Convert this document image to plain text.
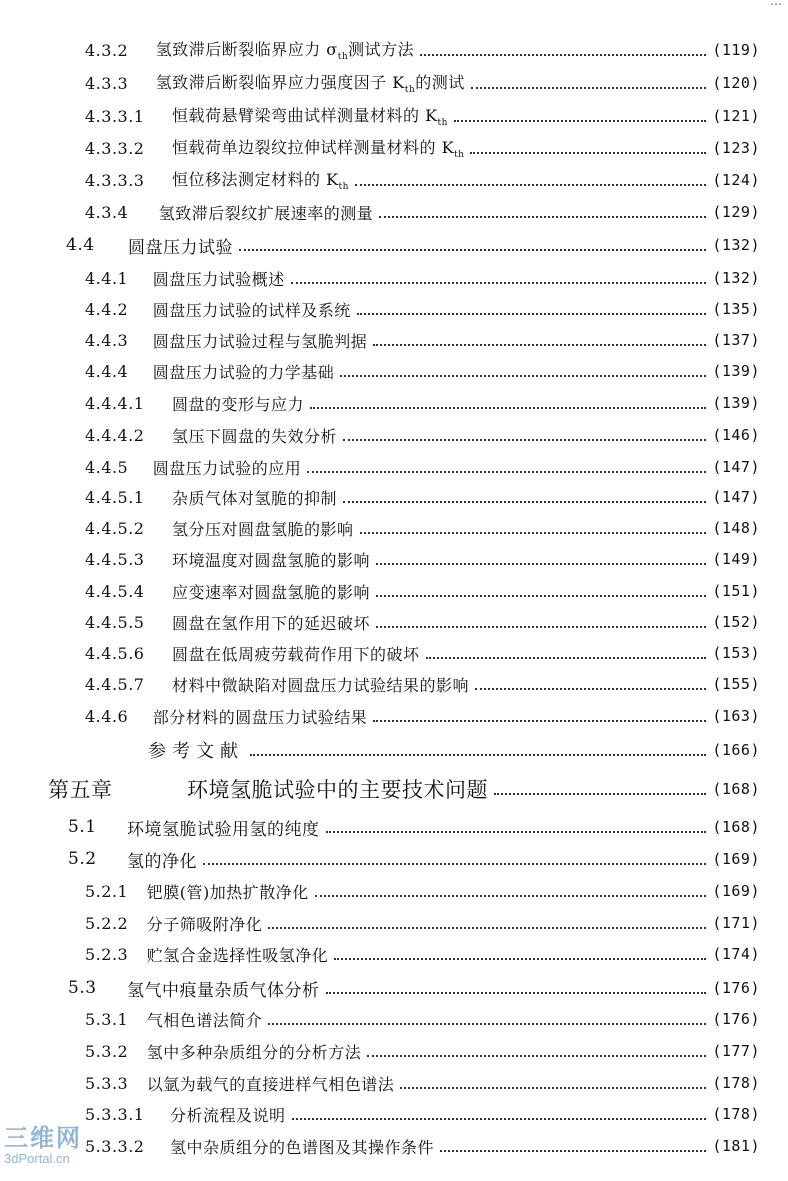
…
4.3.2 氢致滞后断裂临界应力 $\sigma_{th}$测试方法	(119)
4.3.3 氢致滞后断裂临界应力强度因子 $K_{th}$的测试	(120)
4.3.3.1 恒载荷悬臂梁弯曲试样测量材料的 $K_{th}$	(121)
4.3.3.2 恒载荷单边裂纹拉伸试样测量材料的 $K_{th}$	(123)
4.3.3.3 恒位移法测定材料的 $K_{th}$	(124)
4.3.4 氢致滞后裂纹扩展速率的测量	(129)
4.4 圆盘压力试验	(132)
4.4.1 圆盘压力试验概述	(132)
4.4.2 圆盘压力试验的试样及系统	(135)
4.4.3 圆盘压力试验过程与氢脆判据	(137)
4.4.4 圆盘压力试验的力学基础	(139)
4.4.4.1 圆盘的变形与应力	(139)
4.4.4.2 氢压下圆盘的失效分析	(146)
4.4.5 圆盘压力试验的应用	(147)
4.4.5.1 杂质气体对氢脆的抑制	(147)
4.4.5.2 氢分压对圆盘氢脆的影响	(148)
4.4.5.3 环境温度对圆盘氢脆的影响	(149)
4.4.5.4 应变速率对圆盘氢脆的影响	(151)
4.4.5.5 圆盘在氢作用下的延迟破坏	(152)
4.4.5.6 圆盘在低周疲劳载荷作用下的破坏	(153)
4.4.5.7 材料中微缺陷对圆盘压力试验结果的影响	(155)
4.4.6 部分材料的圆盘压力试验结果	(163)
参考文献	(166)
第五章	环境氢脆试验中的主要技术问题	(168)
5.1 环境氢脆试验用氢的纯度	(168)
5.2 氢的净化	(169)
5.2.1 钯膜(管)加热扩散净化	(169)
5.2.2 分子筛吸附净化	(171)
5.2.3 贮氢合金选择性吸氢净化	(174)
5.3 氢气中痕量杂质气体分析	(176)
5.3.1 气相色谱法简介	(176)
5.3.2 氢中多种杂质组分的分析方法	(177)
5.3.3 以氩为载气的直接进样气相色谱法	(178)
5.3.3.1 分析流程及说明	(178)
5.3.3.2 氢中杂质组分的色谱图及其操作条件	(181)
三维网
3dPortal.cn
